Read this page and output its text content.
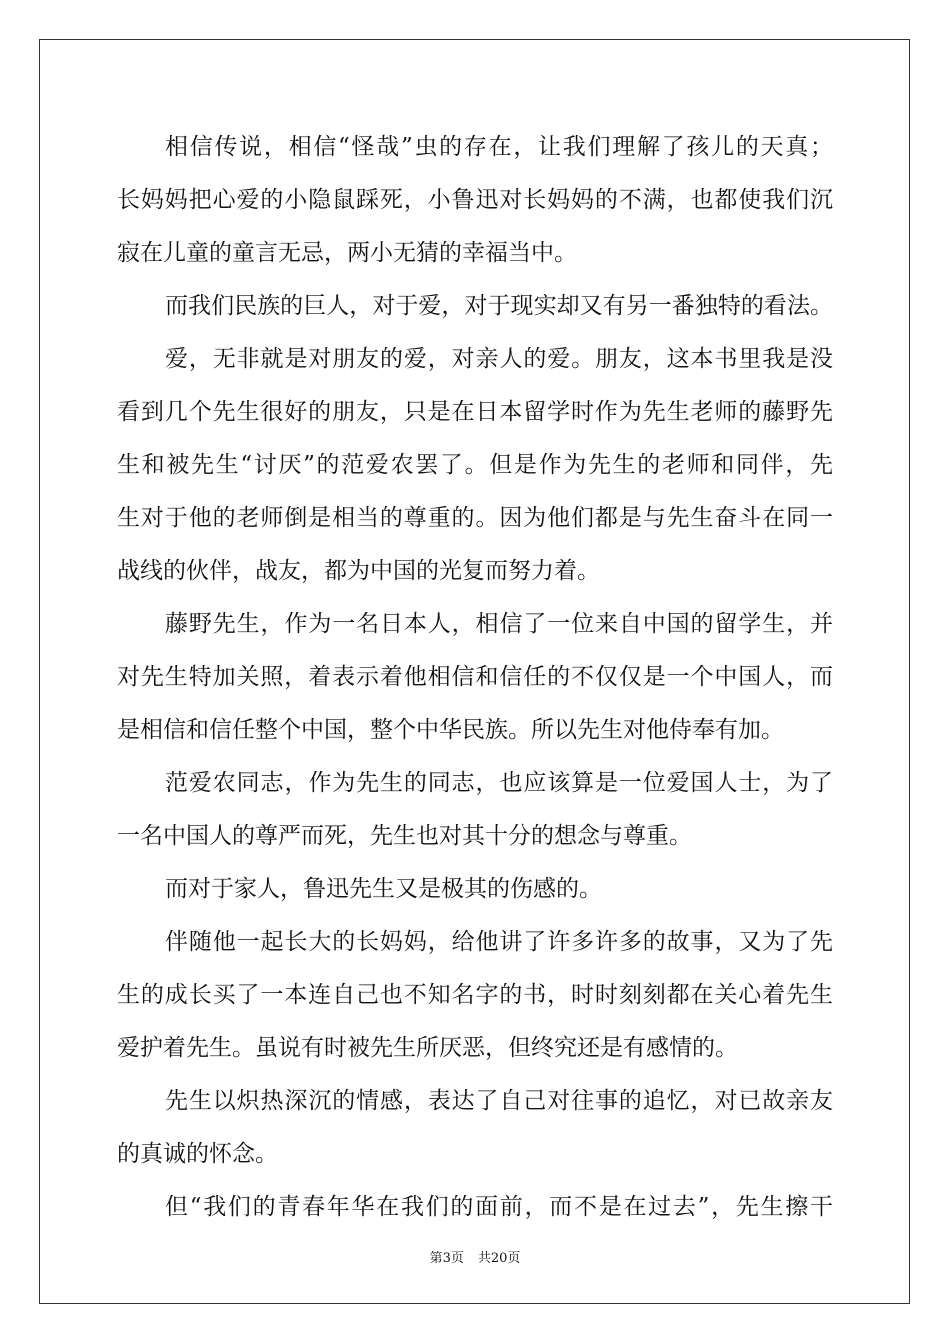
相信传说，相信“怪哉”虫的存在，让我们理解了孩儿的天真；
长妈妈把心爱的小隐鼠踩死，小鲁迅对长妈妈的不满，也都使我们沉
寂在儿童的童言无忌，两小无猜的幸福当中。
而我们民族的巨人，对于爱，对于现实却又有另一番独特的看法。
爱，无非就是对朋友的爱，对亲人的爱。朋友，这本书里我是没
看到几个先生很好的朋友，只是在日本留学时作为先生老师的藤野先
生和被先生“讨厌”的范爱农罢了。但是作为先生的老师和同伴，先
生对于他的老师倒是相当的尊重的。因为他们都是与先生奋斗在同一
战线的伙伴，战友，都为中国的光复而努力着。
藤野先生，作为一名日本人，相信了一位来自中国的留学生，并
对先生特加关照，着表示着他相信和信任的不仅仅是一个中国人，而
是相信和信任整个中国，整个中华民族。所以先生对他侍奉有加。
范爱农同志，作为先生的同志，也应该算是一位爱国人士，为了
一名中国人的尊严而死，先生也对其十分的想念与尊重。
而对于家人，鲁迅先生又是极其的伤感的。
伴随他一起长大的长妈妈，给他讲了许多许多的故事，又为了先
生的成长买了一本连自己也不知名字的书，时时刻刻都在关心着先生
爱护着先生。虽说有时被先生所厌恶，但终究还是有感情的。
先生以炽热深沉的情感，表达了自己对往事的追忆，对已故亲友
的真诚的怀念。
但“我们的青春年华在我们的面前，而不是在过去”，先生擦干
第3页 共20页
